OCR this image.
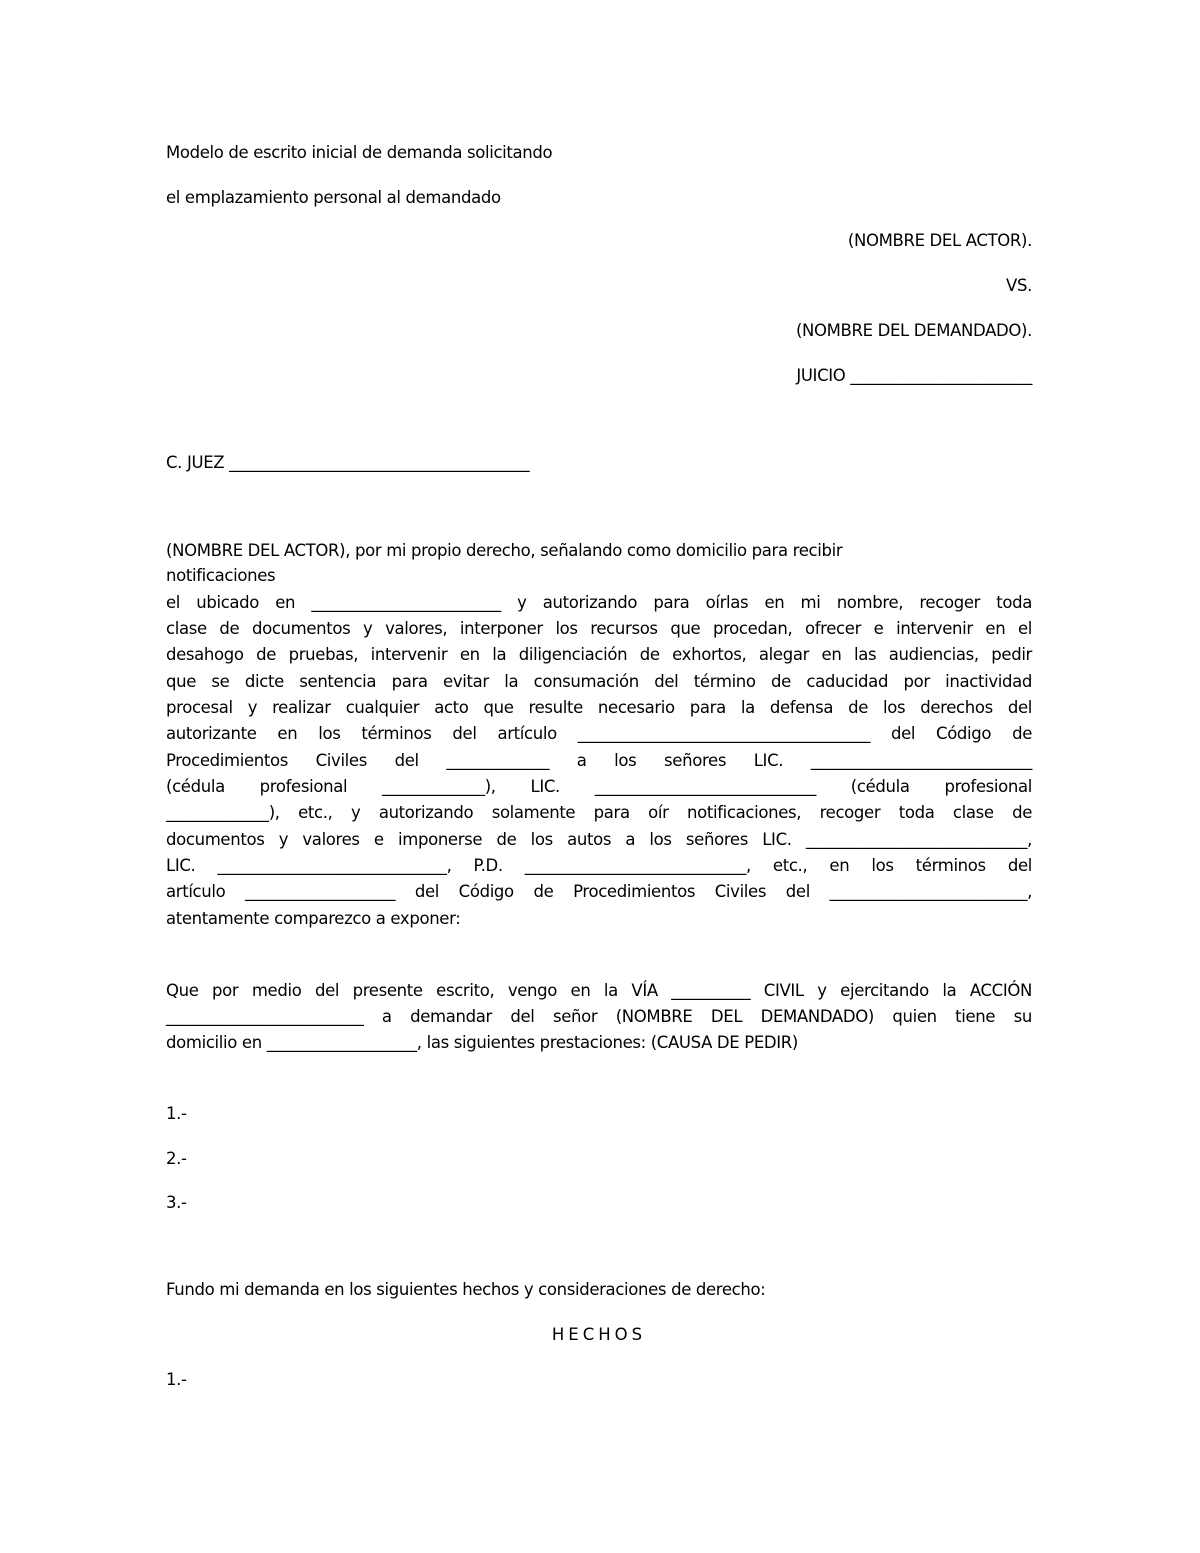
Modelo de escrito inicial de demanda solicitando
el emplazamiento personal al demandado
(NOMBRE DEL ACTOR).
VS.
(NOMBRE DEL DEMANDADO).
JUICIO _______________________
C. JUEZ ______________________________________
(NOMBRE DEL ACTOR), por mi propio derecho, señalando como domicilio para recibir
notificaciones
el ubicado en ________________________ y autorizando para oírlas en mi nombre, recoger toda
clase de documentos y valores, interponer los recursos que procedan, ofrecer e intervenir en el
desahogo de pruebas, intervenir en la diligenciación de exhortos, alegar en las audiencias, pedir
que se dicte sentencia para evitar la consumación del término de caducidad por inactividad
procesal y realizar cualquier acto que resulte necesario para la defensa de los derechos del
autorizante en los términos del artículo _____________________________________ del Código de
Procedimientos Civiles del _____________ a los señores LIC. ____________________________
(cédula profesional _____________), LIC. ____________________________ (cédula profesional
_____________), etc., y autorizando solamente para oír notificaciones, recoger toda clase de
documentos y valores e imponerse de los autos a los señores LIC. ____________________________,
LIC. _____________________________, P.D. ____________________________, etc., en los términos del
artículo ___________________ del Código de Procedimientos Civiles del _________________________,
atentamente comparezco a exponer:
Que por medio del presente escrito, vengo en la VÍA __________ CIVIL y ejercitando la ACCIÓN
_________________________ a demandar del señor (NOMBRE DEL DEMANDADO) quien tiene su
domicilio en ___________________, las siguientes prestaciones: (CAUSA DE PEDIR)
1.-
2.-
3.-
Fundo mi demanda en los siguientes hechos y consideraciones de derecho:
HECHOS
1.-
